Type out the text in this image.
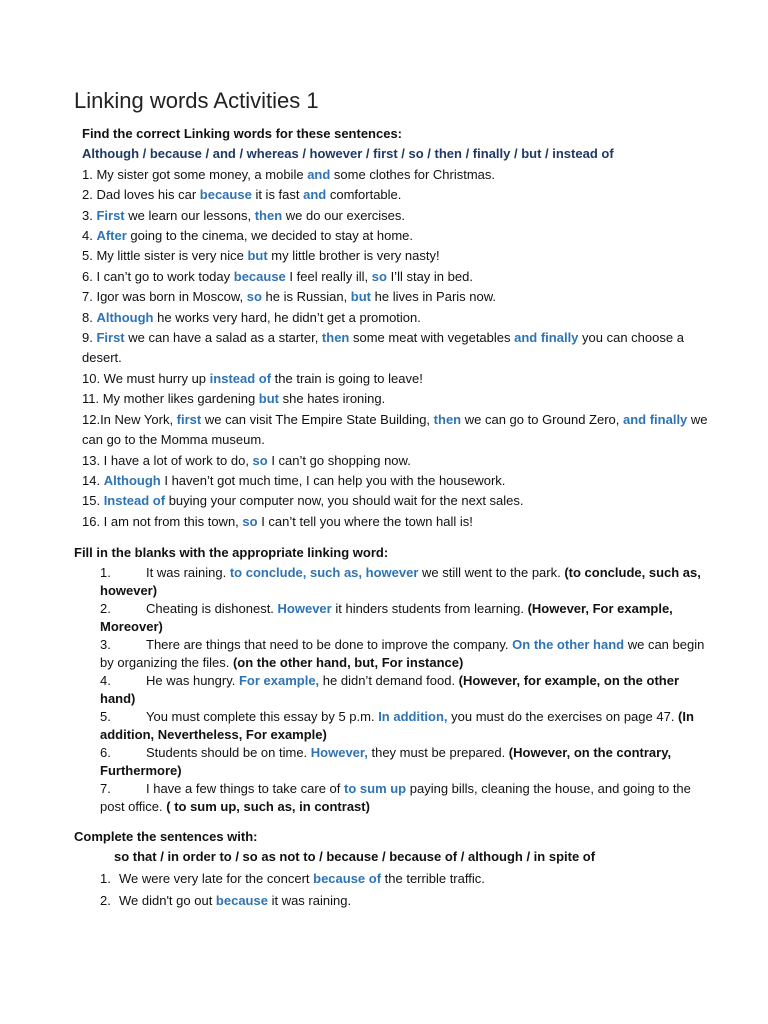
Linking words Activities 1

Find the correct Linking words for these sentences:

Although / because / and / whereas / however / first / so / then / finally / but / instead of

1. My sister got some money, a mobile and some clothes for Christmas.

2. Dad loves his car because it is fast and comfortable.

3. First we learn our lessons, then we do our exercises.

4. After going to the cinema, we decided to stay at home.

5. My little sister is very nice but my little brother is very nasty!

6. I can’t go to work today because I feel really ill, so I’ll stay in bed.

7. Igor was born in Moscow, so he is Russian, but he lives in Paris now.

8. Although he works very hard, he didn’t get a promotion.

9. First we can have a salad as a starter, then some meat with vegetables and finally you can choose a desert.

10. We must hurry up instead of the train is going to leave!

11. My mother likes gardening but she hates ironing.

12.In New York, first we can visit The Empire State Building, then we can go to Ground Zero, and finally we can go to the Momma museum.

13. I have a lot of work to do, so I can’t go shopping now.

14. Although I haven’t got much time, I can help you with the housework.

15. Instead of buying your computer now, you should wait for the next sales.

16. I am not from this town, so I can’t tell you where the town hall is!

Fill in the blanks with the appropriate linking word:
1.	It was raining. to conclude, such as, however we still went to the park. (to conclude, such as, however)
2.	Cheating is dishonest. However it hinders students from learning. (However, For example, Moreover)
3.	There are things that need to be done to improve the company. On the other hand we can begin by organizing the files. (on the other hand, but, For instance)
4.	He was hungry. For example, he didn’t demand food. (However, for example, on the other hand)
5.	You must complete this essay by 5 p.m. In addition, you must do the exercises on page 47. (In addition, Nevertheless, For example)
6.	Students should be on time. However, they must be prepared. (However, on the contrary, Furthermore)
7.	I have a few things to take care of to sum up paying bills, cleaning the house, and going to the post office. ( to sum up, such as, in contrast)
Complete the sentences with:
so that / in order to / so as not to / because / because of / although / in spite of
1. We were very late for the concert because of the terrible traffic.
2. We didn't go out because it was raining.
